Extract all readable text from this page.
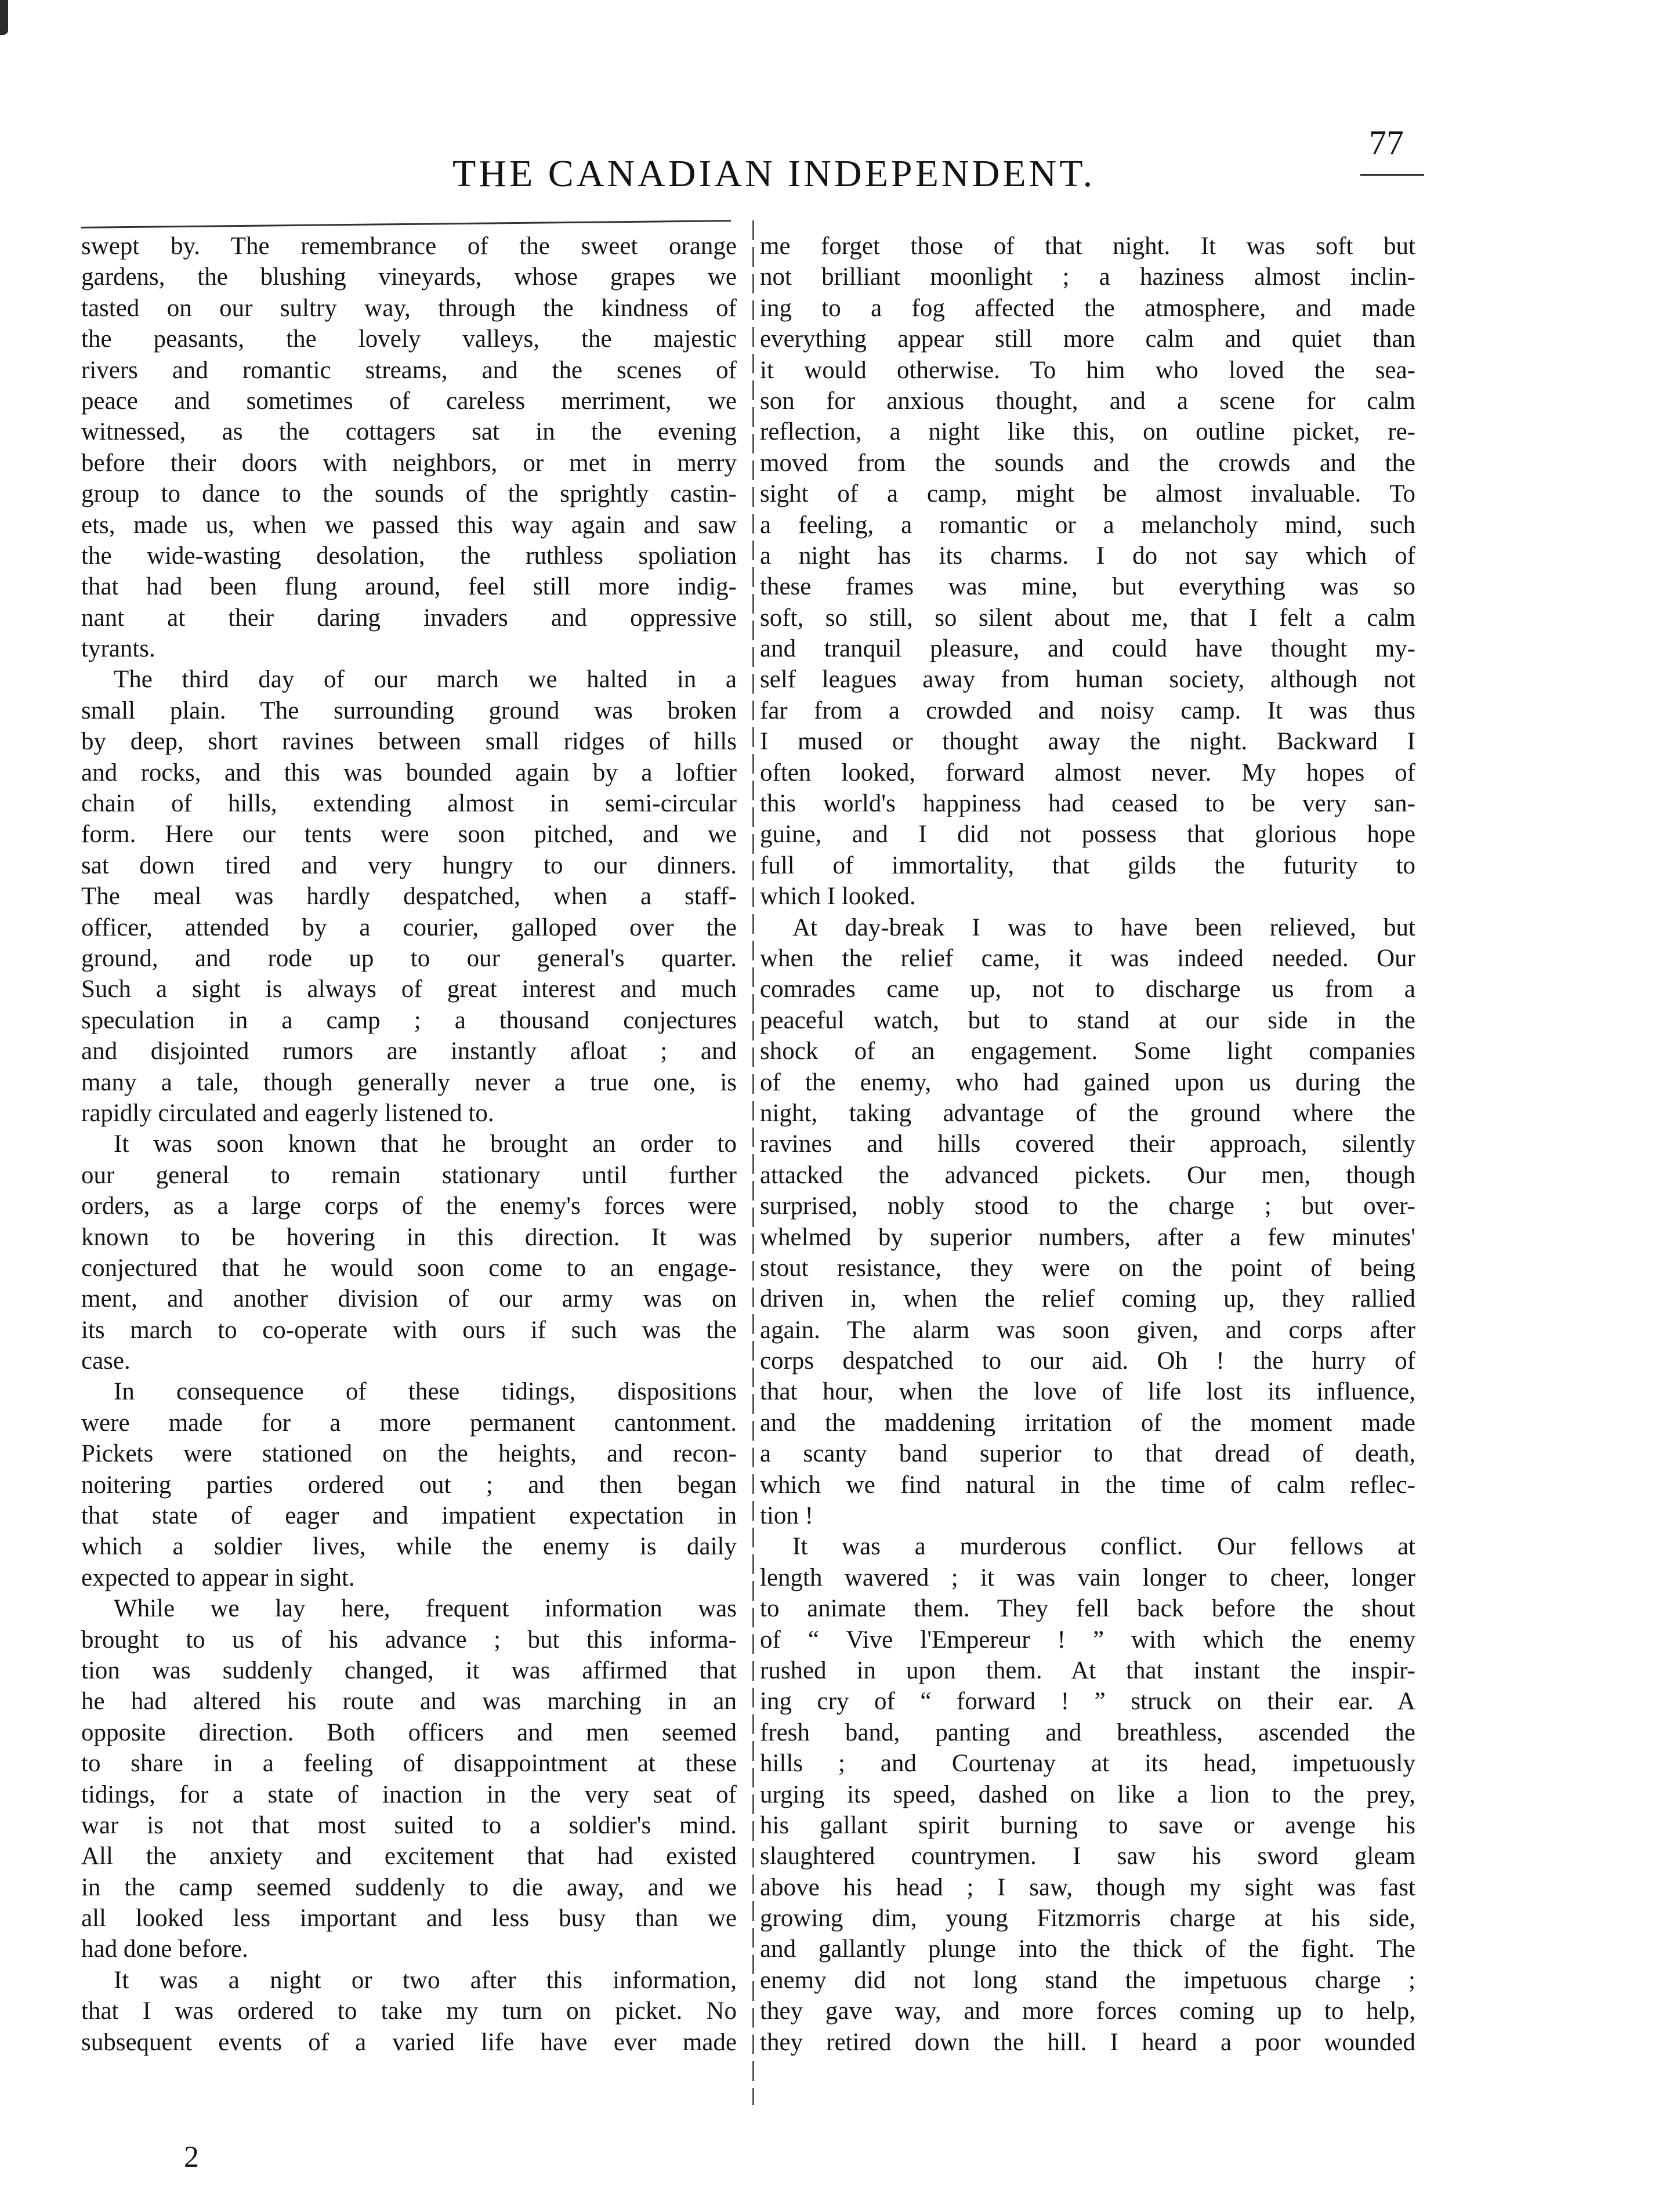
THE CANADIAN INDEPENDENT.
77
swept by. The remembrance of the sweet orange
gardens, the blushing vineyards, whose grapes we
tasted on our sultry way, through the kindness of
the peasants, the lovely valleys, the majestic
rivers and romantic streams, and the scenes of
peace and sometimes of careless merriment, we
witnessed, as the cottagers sat in the evening
before their doors with neighbors, or met in merry
group to dance to the sounds of the sprightly castin-
ets, made us, when we passed this way again and saw
the wide-wasting desolation, the ruthless spoliation
that had been flung around, feel still more indig-
nant at their daring invaders and oppressive
tyrants.
The third day of our march we halted in a
small plain. The surrounding ground was broken
by deep, short ravines between small ridges of hills
and rocks, and this was bounded again by a loftier
chain of hills, extending almost in semi-circular
form. Here our tents were soon pitched, and we
sat down tired and very hungry to our dinners.
The meal was hardly despatched, when a staff-
officer, attended by a courier, galloped over the
ground, and rode up to our general's quarter.
Such a sight is always of great interest and much
speculation in a camp ; a thousand conjectures
and disjointed rumors are instantly afloat ; and
many a tale, though generally never a true one, is
rapidly circulated and eagerly listened to.
It was soon known that he brought an order to
our general to remain stationary until further
orders, as a large corps of the enemy's forces were
known to be hovering in this direction. It was
conjectured that he would soon come to an engage-
ment, and another division of our army was on
its march to co-operate with ours if such was the
case.
In consequence of these tidings, dispositions
were made for a more permanent cantonment.
Pickets were stationed on the heights, and recon-
noitering parties ordered out ; and then began
that state of eager and impatient expectation in
which a soldier lives, while the enemy is daily
expected to appear in sight.
While we lay here, frequent information was
brought to us of his advance ; but this informa-
tion was suddenly changed, it was affirmed that
he had altered his route and was marching in an
opposite direction. Both officers and men seemed
to share in a feeling of disappointment at these
tidings, for a state of inaction in the very seat of
war is not that most suited to a soldier's mind.
All the anxiety and excitement that had existed
in the camp seemed suddenly to die away, and we
all looked less important and less busy than we
had done before.
It was a night or two after this information,
that I was ordered to take my turn on picket. No
subsequent events of a varied life have ever made
me forget those of that night. It was soft but
not brilliant moonlight ; a haziness almost inclin-
ing to a fog affected the atmosphere, and made
everything appear still more calm and quiet than
it would otherwise. To him who loved the sea-
son for anxious thought, and a scene for calm
reflection, a night like this, on outline picket, re-
moved from the sounds and the crowds and the
sight of a camp, might be almost invaluable. To
a feeling, a romantic or a melancholy mind, such
a night has its charms. I do not say which of
these frames was mine, but everything was so
soft, so still, so silent about me, that I felt a calm
and tranquil pleasure, and could have thought my-
self leagues away from human society, although not
far from a crowded and noisy camp. It was thus
I mused or thought away the night. Backward I
often looked, forward almost never. My hopes of
this world's happiness had ceased to be very san-
guine, and I did not possess that glorious hope
full of immortality, that gilds the futurity to
which I looked.
At day-break I was to have been relieved, but
when the relief came, it was indeed needed. Our
comrades came up, not to discharge us from a
peaceful watch, but to stand at our side in the
shock of an engagement. Some light companies
of the enemy, who had gained upon us during the
night, taking advantage of the ground where the
ravines and hills covered their approach, silently
attacked the advanced pickets. Our men, though
surprised, nobly stood to the charge ; but over-
whelmed by superior numbers, after a few minutes'
stout resistance, they were on the point of being
driven in, when the relief coming up, they rallied
again. The alarm was soon given, and corps after
corps despatched to our aid. Oh ! the hurry of
that hour, when the love of life lost its influence,
and the maddening irritation of the moment made
a scanty band superior to that dread of death,
which we find natural in the time of calm reflec-
tion !
It was a murderous conflict. Our fellows at
length wavered ; it was vain longer to cheer, longer
to animate them. They fell back before the shout
of “ Vive l'Empereur ! ” with which the enemy
rushed in upon them. At that instant the inspir-
ing cry of “ forward ! ” struck on their ear. A
fresh band, panting and breathless, ascended the
hills ; and Courtenay at its head, impetuously
urging its speed, dashed on like a lion to the prey,
his gallant spirit burning to save or avenge his
slaughtered countrymen. I saw his sword gleam
above his head ; I saw, though my sight was fast
growing dim, young Fitzmorris charge at his side,
and gallantly plunge into the thick of the fight. The
enemy did not long stand the impetuous charge ;
they gave way, and more forces coming up to help,
they retired down the hill. I heard a poor wounded
2
